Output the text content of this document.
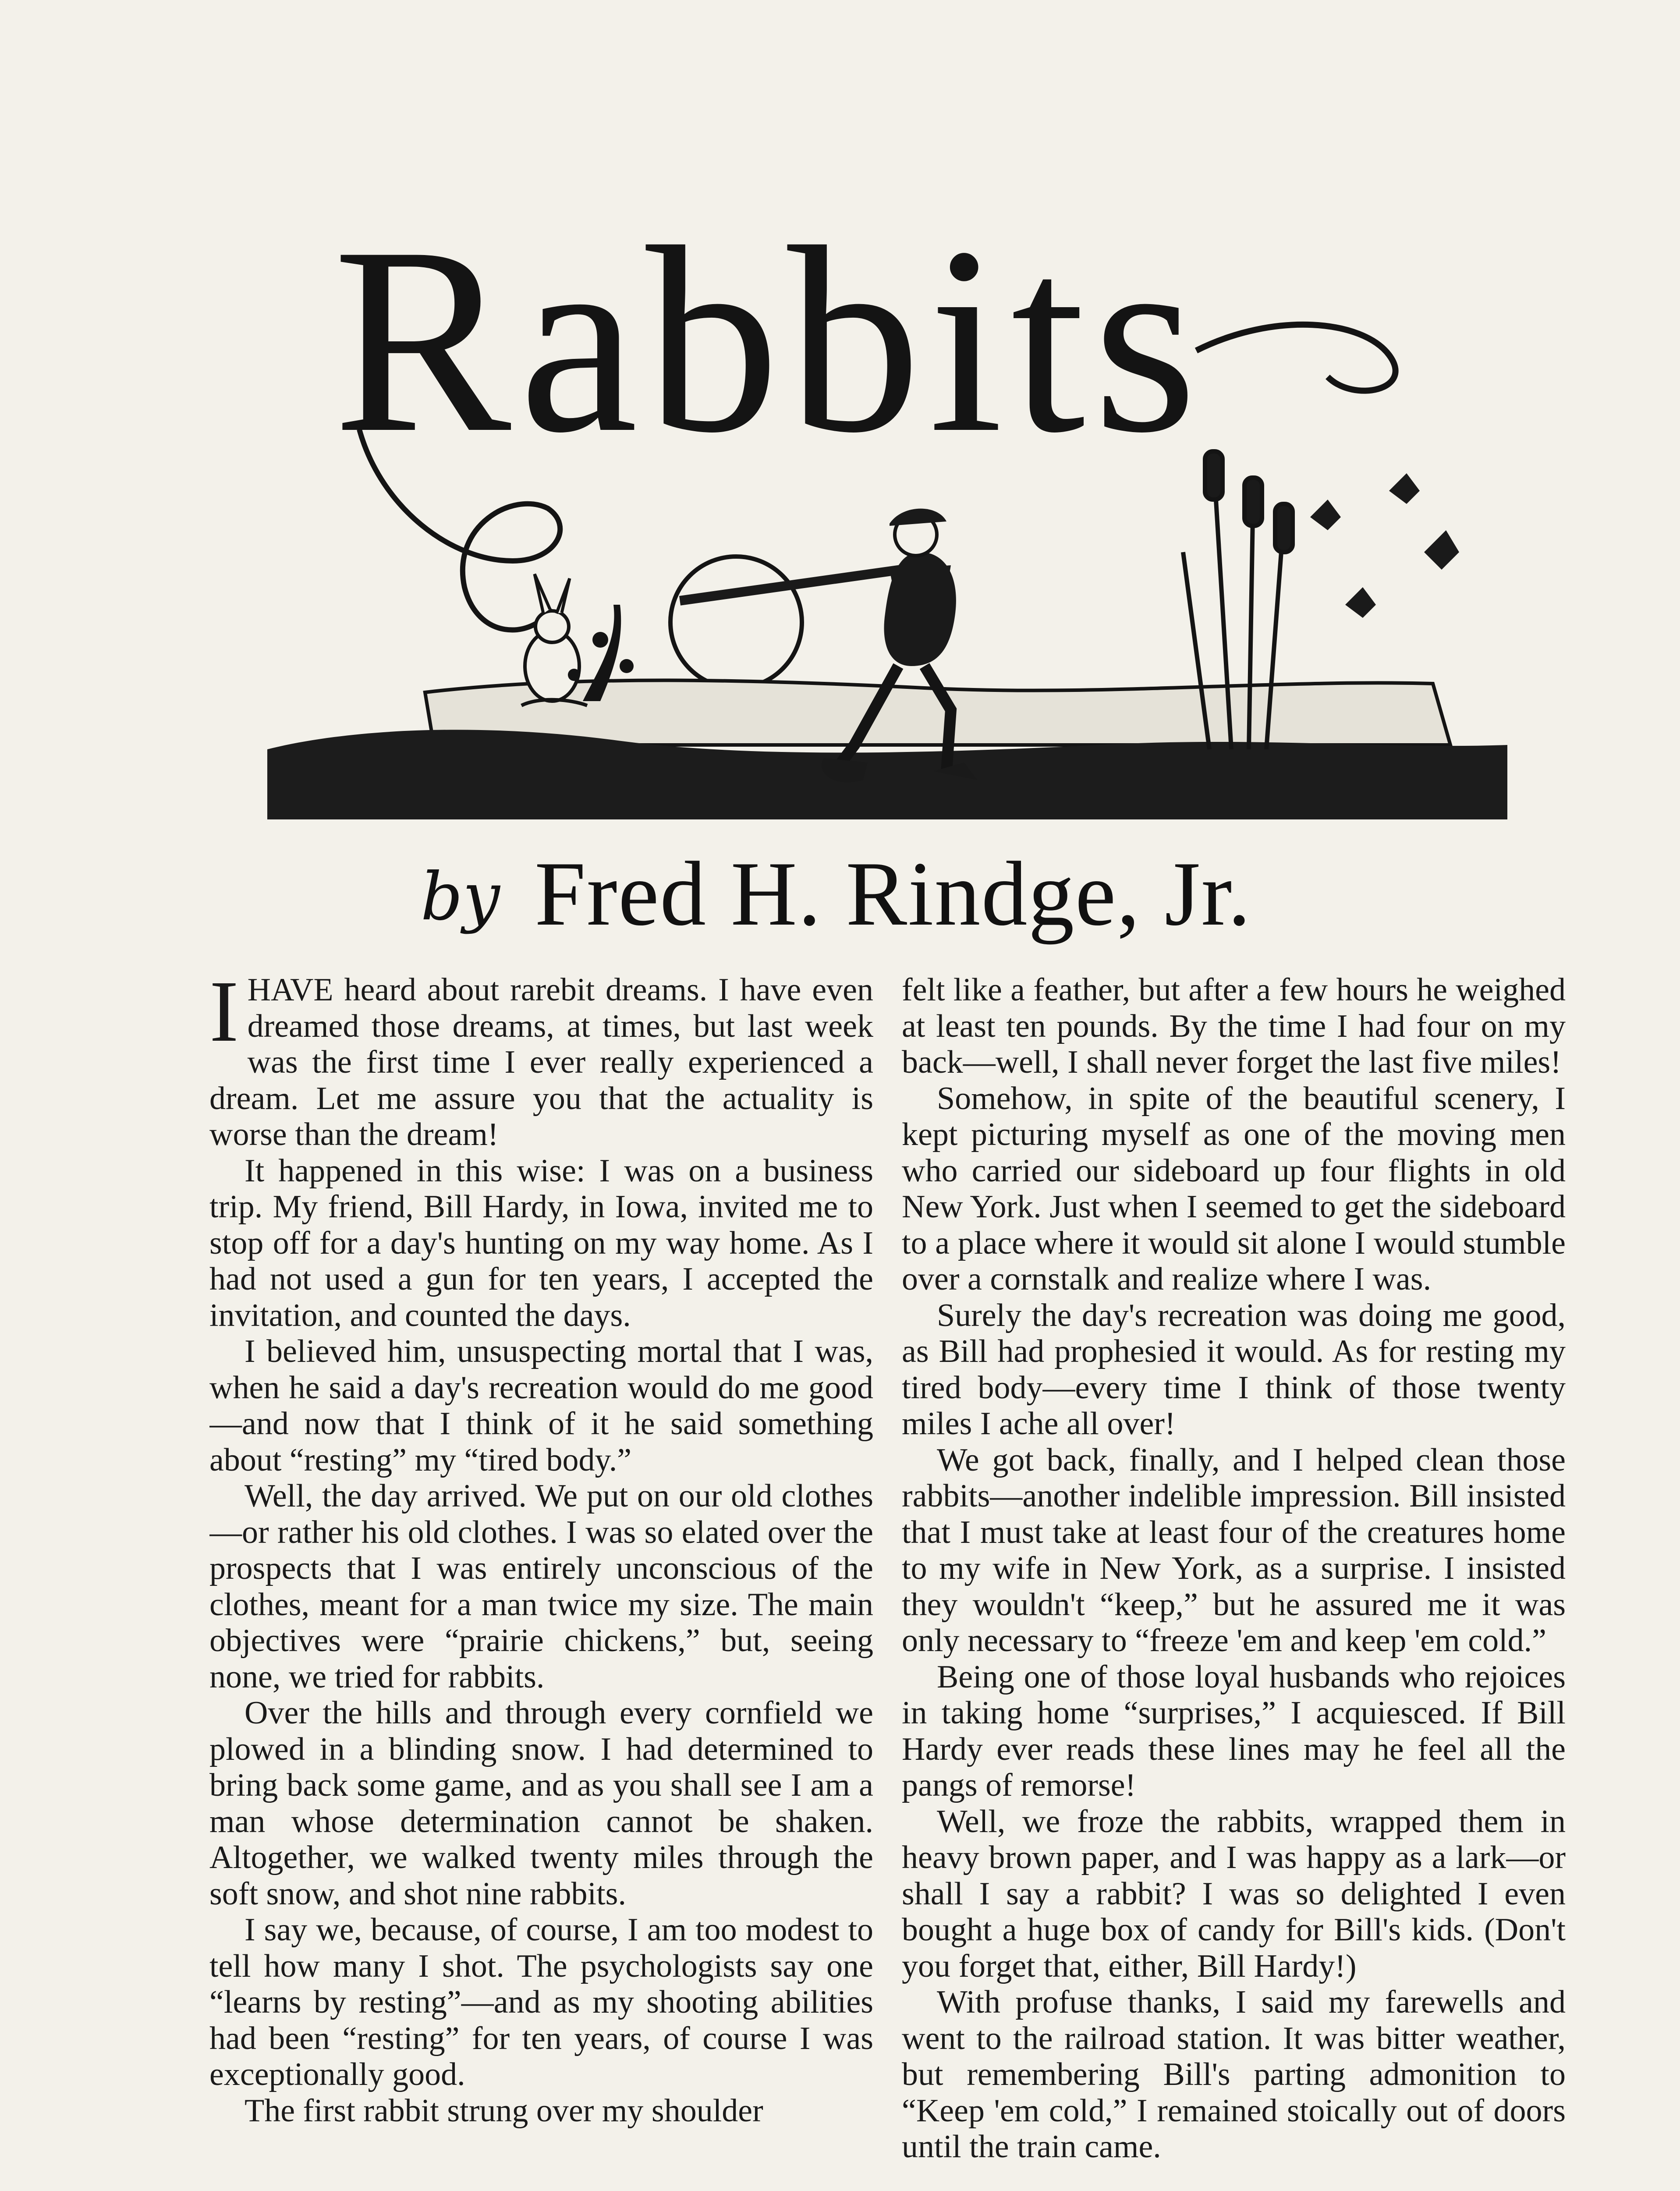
Rabbits
by Fred H. Rindge, Jr.

IHAVE heard about rarebit dreams. I have even dreamed those dreams, at times, but last week was the first time I ever really experienced a dream. Let me assure you that the actuality is worse than the dream!

It happened in this wise: I was on a business trip. My friend, Bill Hardy, in Iowa, invited me to stop off for a day's hunting on my way home. As I had not used a gun for ten years, I accepted the invitation, and counted the days.

I believed him, unsuspecting mortal that I was, when he said a day's recreation would do me good—and now that I think of it he said something about “resting” my “tired body.”

Well, the day arrived. We put on our old clothes—or rather his old clothes. I was so elated over the prospects that I was entirely unconscious of the clothes, meant for a man twice my size. The main objectives were “prairie chickens,” but, seeing none, we tried for rabbits.

Over the hills and through every cornfield we plowed in a blinding snow. I had determined to bring back some game, and as you shall see I am a man whose determination cannot be shaken. Altogether, we walked twenty miles through the soft snow, and shot nine rabbits.

I say we, because, of course, I am too modest to tell how many I shot. The psychologists say one “learns by resting”—and as my shooting abilities had been “resting” for ten years, of course I was exceptionally good.

The first rabbit strung over my shoulder

felt like a feather, but after a few hours he weighed at least ten pounds. By the time I had four on my back—well, I shall never forget the last five miles!

Somehow, in spite of the beautiful scenery, I kept picturing myself as one of the moving men who carried our sideboard up four flights in old New York. Just when I seemed to get the sideboard to a place where it would sit alone I would stumble over a cornstalk and realize where I was.

Surely the day's recreation was doing me good, as Bill had prophesied it would. As for resting my tired body—every time I think of those twenty miles I ache all over!

We got back, finally, and I helped clean those rabbits—another indelible impression. Bill insisted that I must take at least four of the creatures home to my wife in New York, as a surprise. I insisted they wouldn't “keep,” but he assured me it was only necessary to “freeze 'em and keep 'em cold.”

Being one of those loyal husbands who rejoices in taking home “surprises,” I acquiesced. If Bill Hardy ever reads these lines may he feel all the pangs of remorse!

Well, we froze the rabbits, wrapped them in heavy brown paper, and I was happy as a lark—or shall I say a rabbit? I was so delighted I even bought a huge box of candy for Bill's kids. (Don't you forget that, either, Bill Hardy!)

With profuse thanks, I said my farewells and went to the railroad station. It was bitter weather, but remembering Bill's parting admonition to “Keep 'em cold,” I remained stoically out of doors until the train came.
